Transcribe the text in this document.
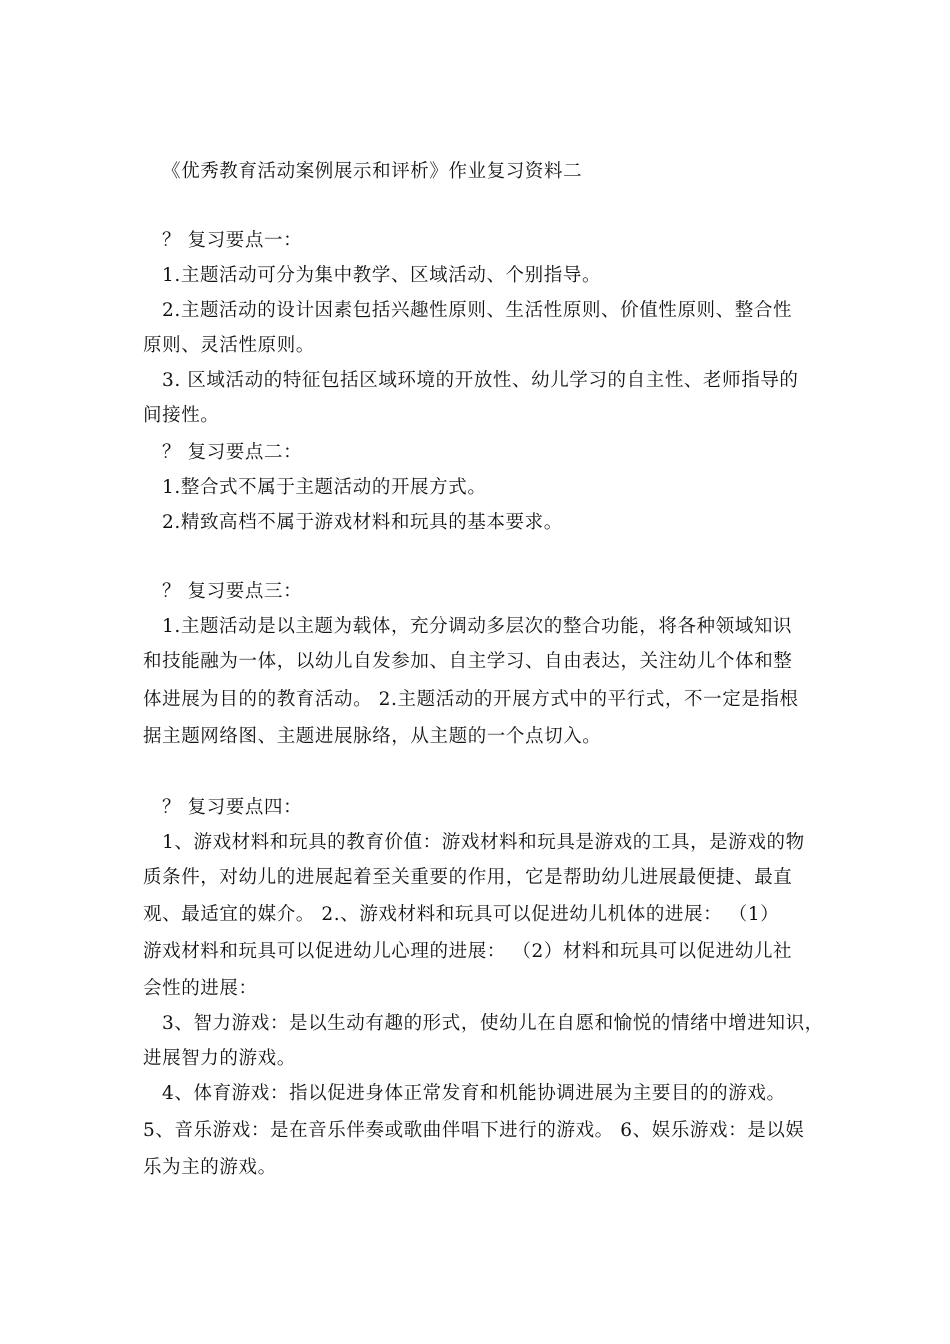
《优秀教育活动案例展示和评析》作业复习资料二
？ 复习要点一：
1.主题活动可分为集中教学、区域活动、个别指导。
2.主题活动的设计因素包括兴趣性原则、生活性原则、价值性原则、整合性
原则、灵活性原则。
3. 区域活动的特征包括区域环境的开放性、幼儿学习的自主性、老师指导的
间接性。
？ 复习要点二：
1.整合式不属于主题活动的开展方式。
2.精致高档不属于游戏材料和玩具的基本要求。
？ 复习要点三：
1.主题活动是以主题为载体，充分调动多层次的整合功能，将各种领域知识
和技能融为一体，以幼儿自发参加、自主学习、自由表达，关注幼儿个体和整
体进展为目的的教育活动。 2.主题活动的开展方式中的平行式，不一定是指根
据主题网络图、主题进展脉络，从主题的一个点切入。
？ 复习要点四：
1、游戏材料和玩具的教育价值：游戏材料和玩具是游戏的工具，是游戏的物
质条件，对幼儿的进展起着至关重要的作用，它是帮助幼儿进展最便捷、最直
观、最适宜的媒介。 2.、游戏材料和玩具可以促进幼儿机体的进展： （1）
游戏材料和玩具可以促进幼儿心理的进展： （2）材料和玩具可以促进幼儿社
会性的进展：
3、智力游戏：是以生动有趣的形式，使幼儿在自愿和愉悦的情绪中增进知识，
进展智力的游戏。
4、体育游戏：指以促进身体正常发育和机能协调进展为主要目的的游戏。
5、音乐游戏：是在音乐伴奏或歌曲伴唱下进行的游戏。 6、娱乐游戏：是以娱
乐为主的游戏。
